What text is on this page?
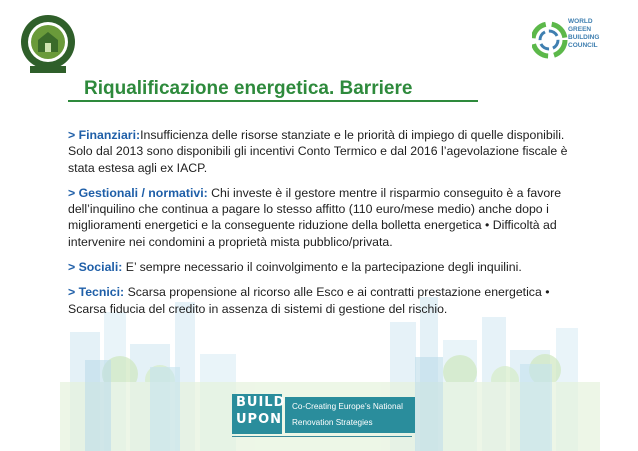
WORLD
GREEN
BUILDING
COUNCIL
Riqualificazione energetica. Barriere

> Finanziari:Insufficienza delle risorse stanziate e le priorità di impiego di quelle disponibili. Solo dal 2013 sono disponibili gli incentivi Conto Termico e dal 2016 l’agevolazione fiscale è stata estesa agli ex IACP.

> Gestionali / normativi: Chi investe è il gestore mentre il risparmio conseguito è a favore dell’inquilino che continua a pagare lo stesso affitto (110 euro/mese medio) anche dopo i miglioramenti energetici e la conseguente riduzione della bolletta energetica • Difficoltà ad intervenire nei condomini a proprietà mista pubblico/privata.

> Sociali: E’ sempre necessario il coinvolgimento e la partecipazione degli inquilini.

> Tecnici: Scarsa propensione al ricorso alle Esco e ai contratti prestazione energetica • Scarsa fiducia del credito in assenza di sistemi di gestione del rischio.

BUILD
UPON
Co-Creating Europe’s National
Renovation Strategies
